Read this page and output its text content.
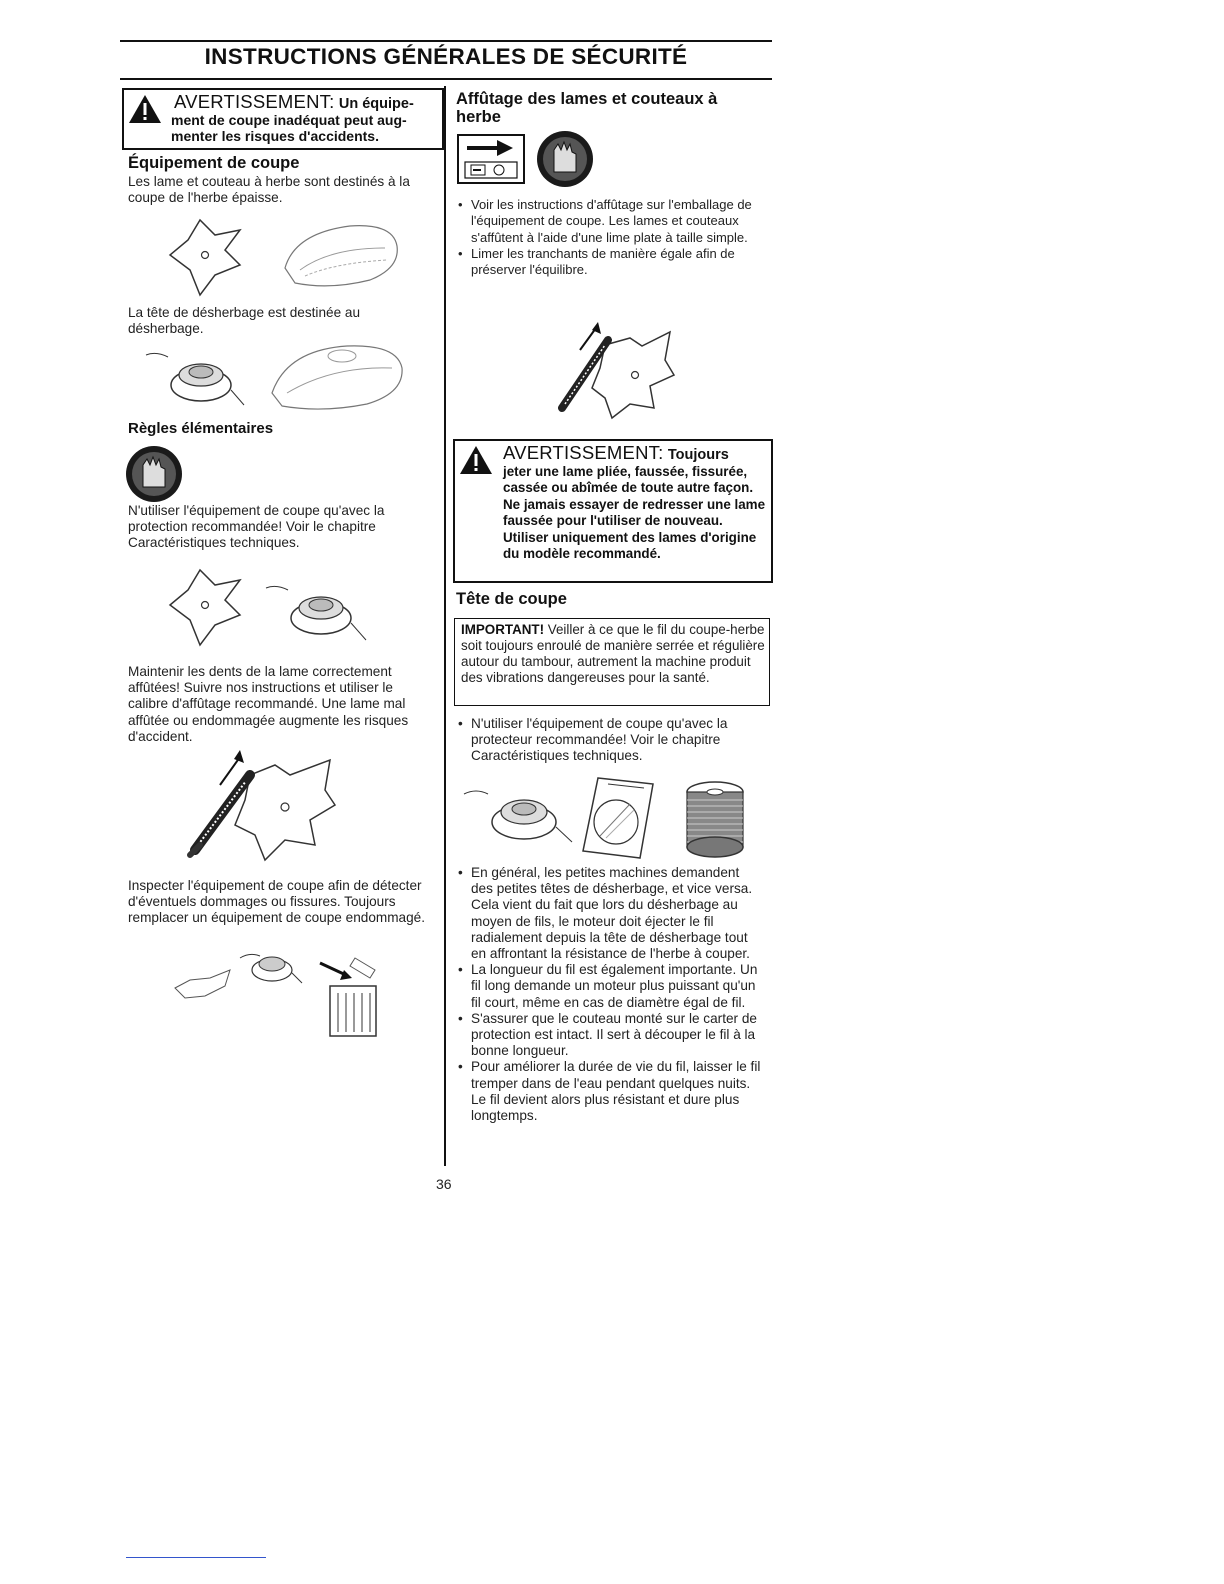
INSTRUCTIONS GÉNÉRALES DE SÉCURITÉ
AVERTISSEMENT: Un équipe-
ment de coupe inadéquat peut aug-
menter les risques d'accidents.
Équipement de coupe
Les lame et couteau à herbe sont destinés à la coupe de l'herbe épaisse.
La tête de désherbage est destinée au désherbage.
Règles élémentaires
N'utiliser l'équipement de coupe qu'avec la protection recommandée! Voir le chapitre Caractéristiques techniques.
Maintenir les dents de la lame correctement affûtées! Suivre nos instructions et utiliser le calibre d'affûtage recommandé. Une lame mal affûtée ou endommagée augmente les risques d'accident.
Inspecter l'équipement de coupe afin de détecter d'éventuels dommages ou fissures. Toujours remplacer un équipement de coupe endommagé.
Affûtage des lames et couteaux à herbe
• Voir les instructions d'affûtage sur l'emballage de l'équipement de coupe. Les lames et couteaux s'affûtent à l'aide d'une lime plate à taille simple.
• Limer les tranchants de manière égale afin de préserver l'équilibre.
AVERTISSEMENT: Toujours
jeter une lame pliée, faussée, fissurée, cassée ou abîmée de toute autre façon. Ne jamais essayer de redresser une lame faussée pour l'utiliser de nouveau. Utiliser uniquement des lames d'origine du modèle recommandé.
Tête de coupe
IMPORTANT! Veiller à ce que le fil du coupe-herbe soit toujours enroulé de manière serrée et régulière autour du tambour, autrement la machine produit des vibrations dangereuses pour la santé.
• N'utiliser l'équipement de coupe qu'avec la protecteur recommandée! Voir le chapitre Caractéristiques techniques.
• En général, les petites machines demandent des petites têtes de désherbage, et vice versa. Cela vient du fait que lors du désherbage au moyen de fils, le moteur doit éjecter le fil radialement depuis la tête de désherbage tout en affrontant la résistance de l'herbe à couper.
• La longueur du fil est également importante. Un fil long demande un moteur plus puissant qu'un fil court, même en cas de diamètre égal de fil.
• S'assurer que le couteau monté sur le carter de protection est intact. Il sert à découper le fil à la bonne longueur.
• Pour améliorer la durée de vie du fil, laisser le fil tremper dans de l'eau pendant quelques nuits. Le fil devient alors plus résistant et dure plus longtemps.
36
